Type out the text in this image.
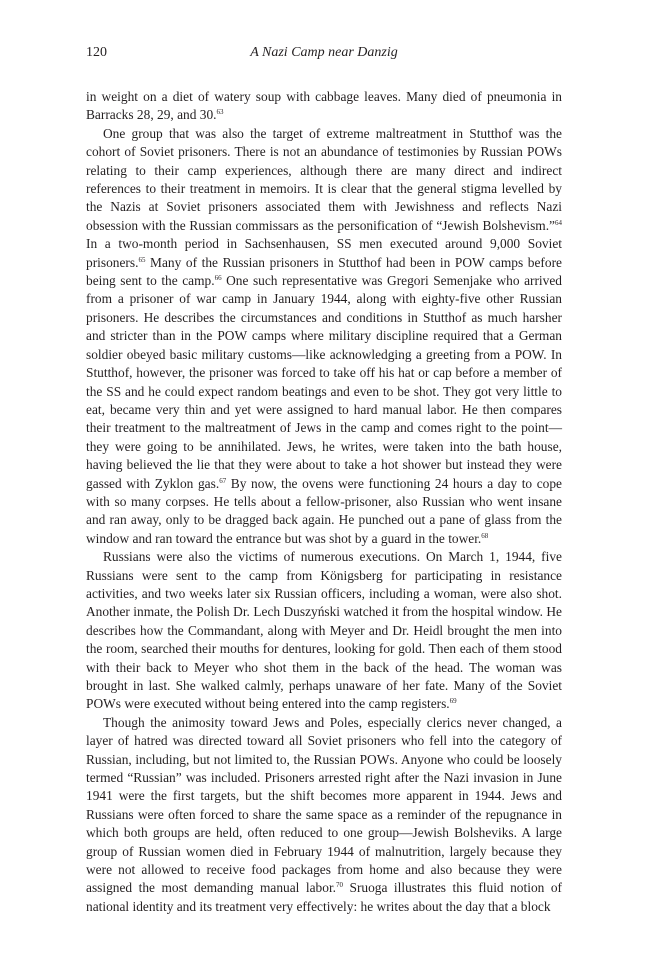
120	A Nazi Camp near Danzig

in weight on a diet of watery soup with cabbage leaves. Many died of pneumonia in Barracks 28, 29, and 30.63

One group that was also the target of extreme maltreatment in Stutthof was the cohort of Soviet prisoners. There is not an abundance of testimonies by Russian POWs relating to their camp experiences, although there are many direct and indirect references to their treatment in memoirs. It is clear that the general stigma levelled by the Nazis at Soviet prisoners associated them with Jewishness and reflects Nazi obsession with the Russian commissars as the personification of “Jewish Bolshevism.”$^{64}$ In a two-month period in Sachsenhausen, SS men executed around 9,000 Soviet prisoners.$^{65}$ Many of the Russian prisoners in Stutthof had been in POW camps before being sent to the camp.$^{66}$ One such representative was Gregori Semenjake who arrived from a prisoner of war camp in January 1944, along with eighty-five other Russian prisoners. He describes the circumstances and conditions in Stutthof as much harsher and stricter than in the POW camps where military discipline required that a German soldier obeyed basic military customs—like acknowledging a greeting from a POW. In Stutthof, however, the prisoner was forced to take off his hat or cap before a member of the SS and he could expect random beatings and even to be shot. They got very little to eat, became very thin and yet were assigned to hard manual labor. He then compares their treatment to the maltreatment of Jews in the camp and comes right to the point—they were going to be annihilated. Jews, he writes, were taken into the bath house, having believed the lie that they were about to take a hot shower but instead they were gassed with Zyklon gas.$^{67}$ By now, the ovens were functioning 24 hours a day to cope with so many corpses. He tells about a fellow-prisoner, also Russian who went insane and ran away, only to be dragged back again. He punched out a pane of glass from the window and ran toward the entrance but was shot by a guard in the tower.$^{68}$

Russians were also the victims of numerous executions. On March 1, 1944, five Russians were sent to the camp from Königsberg for participating in resistance activities, and two weeks later six Russian officers, including a woman, were also shot. Another inmate, the Polish Dr. Lech Duszyński watched it from the hospital window. He describes how the Commandant, along with Meyer and Dr. Heidl brought the men into the room, searched their mouths for dentures, looking for gold. Then each of them stood with their back to Meyer who shot them in the back of the head. The woman was brought in last. She walked calmly, perhaps unaware of her fate. Many of the Soviet POWs were executed without being entered into the camp registers.$^{69}$

Though the animosity toward Jews and Poles, especially clerics never changed, a layer of hatred was directed toward all Soviet prisoners who fell into the category of Russian, including, but not limited to, the Russian POWs. Anyone who could be loosely termed “Russian” was included. Prisoners arrested right after the Nazi invasion in June 1941 were the first targets, but the shift becomes more apparent in 1944. Jews and Russians were often forced to share the same space as a reminder of the repugnance in which both groups are held, often reduced to one group—Jewish Bolsheviks. A large group of Russian women died in February 1944 of malnutrition, largely because they were not allowed to receive food packages from home and also because they were assigned the most demanding manual labor.$^{70}$ Sruoga illustrates this fluid notion of national identity and its treatment very effectively: he writes about the day that a block
